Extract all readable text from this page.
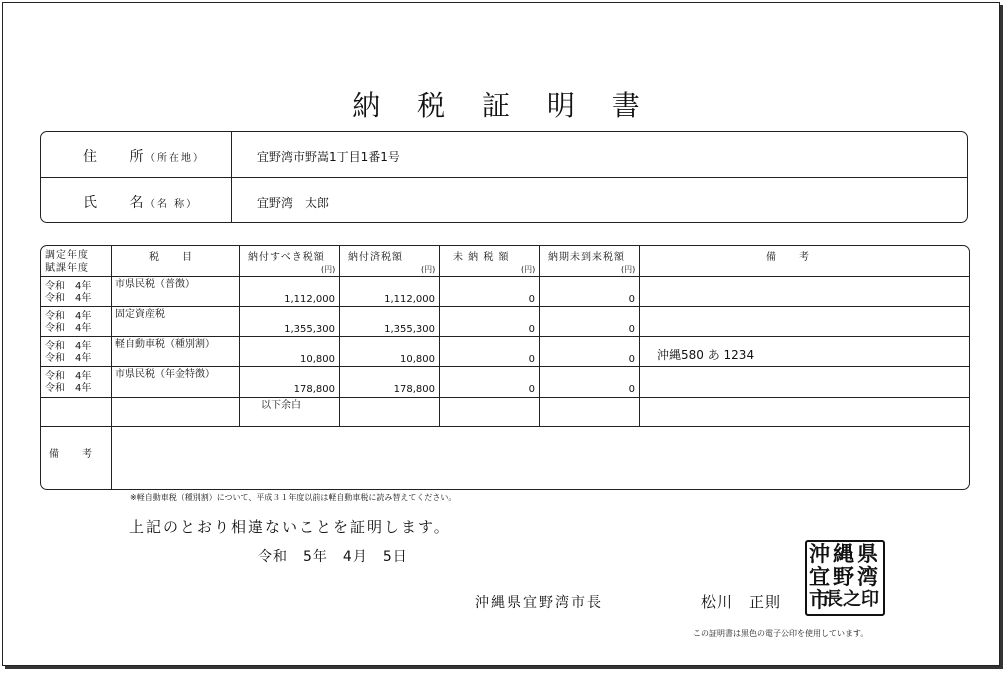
納 税 証 明 書
住 所
（所在地）	宜野湾市野嵩1丁目1番1号
氏 名
（名 称）	宜野湾　太郎
調定年度
賦課年度
税　　目	納付すべき税額
(円)
納付済税額
(円)
未 納 税 額
(円)
納期未到来税額
(円)
備　　考
令和　4年
令和　4年
市県民税（普徴）
1,112,000	1,112,000	0	0
令和　4年
令和　4年
固定資産税
1,355,300	1,355,300	0	0
令和　4年
令和　4年
軽自動車税（種別割）
10,800	10,800	0	0 沖縄580 あ 1234
令和　4年
令和　4年
市県民税（年金特徴）
178,800	178,800	0	0
以下余白
備　　考
※軽自動車税（種別割）について、平成３１年度以前は軽自動車税に読み替えてください。
上記のとおり相違ないことを証明します。
令和　5年　4月　5日
沖縄県宜野湾市長	松川　正則
沖 縄 県
宜 野 湾
市
長 之 印
この証明書は黒色の電子公印を使用しています。
